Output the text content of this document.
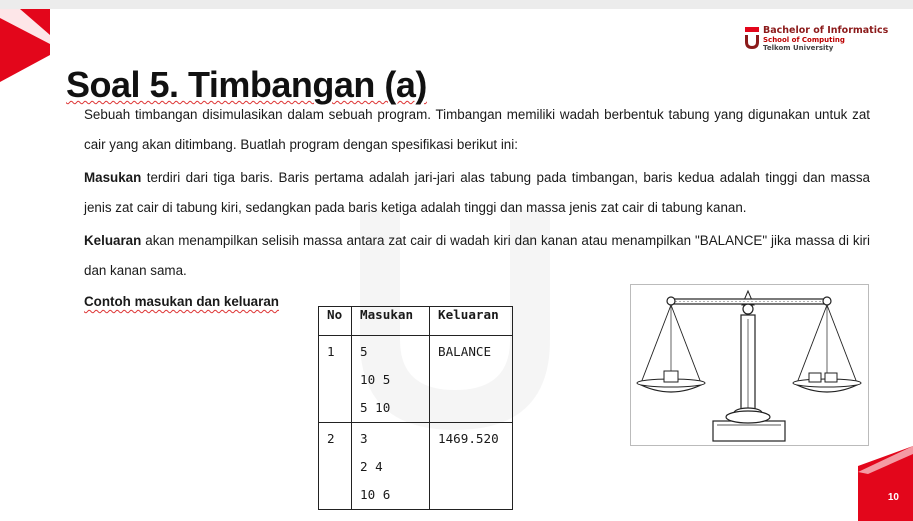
Bachelor of Informatics
School of Computing
Telkom University
Soal 5. Timbangan (a)

Sebuah timbangan disimulasikan dalam sebuah program. Timbangan memiliki wadah berbentuk tabung yang digunakan untuk zat cair yang akan ditimbang. Buatlah program dengan spesifikasi berikut ini:

Masukan terdiri dari tiga baris. Baris pertama adalah jari-jari alas tabung pada timbangan, baris kedua adalah tinggi dan massa jenis zat cair di tabung kiri, sedangkan pada baris ketiga adalah tinggi dan massa jenis zat cair di tabung kanan.

Keluaran akan menampilkan selisih massa antara zat cair di wadah kiri dan kanan atau menampilkan "BALANCE" jika massa di kiri dan kanan sama.

Contoh masukan dan keluaran
No	Masukan	Keluaran
1	5
10 5
5 10	BALANCE
2	3
2 4
10 6	1469.520
10
